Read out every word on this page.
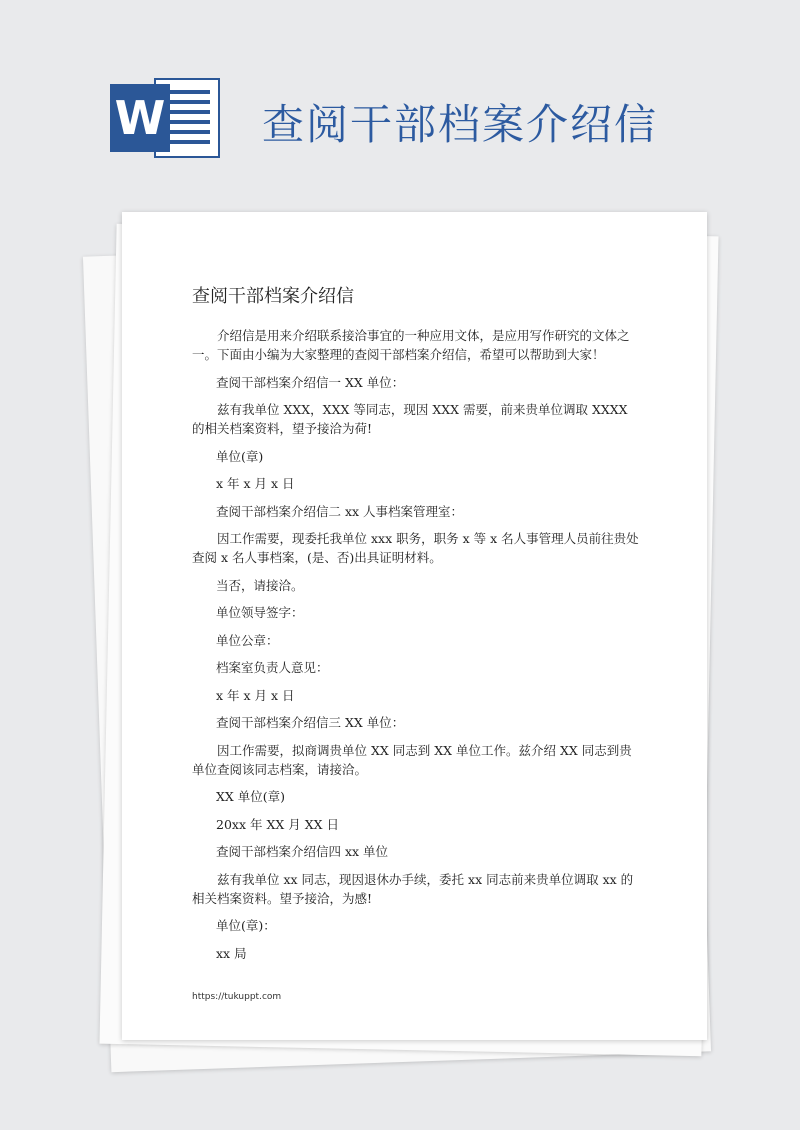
W 查阅干部档案介绍信
查阅干部档案介绍信

介绍信是用来介绍联系接洽事宜的一种应用文体，是应用写作研究的文体之一。下面由小编为大家整理的查阅干部档案介绍信，希望可以帮助到大家！

查阅干部档案介绍信一 XX 单位：

兹有我单位 XXX，XXX 等同志，现因 XXX 需要，前来贵单位调取 XXXX 的相关档案资料，望予接洽为荷!

单位(章)

x 年 x 月 x 日

查阅干部档案介绍信二 xx 人事档案管理室：

因工作需要，现委托我单位 xxx 职务，职务 x 等 x 名人事管理人员前往贵处查阅 x 名人事档案，(是、否)出具证明材料。

当否，请接洽。

单位领导签字：

单位公章：

档案室负责人意见：

x 年 x 月 x 日

查阅干部档案介绍信三 XX 单位：

因工作需要，拟商调贵单位 XX 同志到 XX 单位工作。兹介绍 XX 同志到贵单位查阅该同志档案，请接洽。

XX 单位(章)

20xx 年 XX 月 XX 日

查阅干部档案介绍信四 xx 单位

兹有我单位 xx 同志，现因退休办手续，委托 xx 同志前来贵单位调取 xx 的相关档案资料。望予接洽，为感!

单位(章)：

xx 局

https://tukuppt.com
